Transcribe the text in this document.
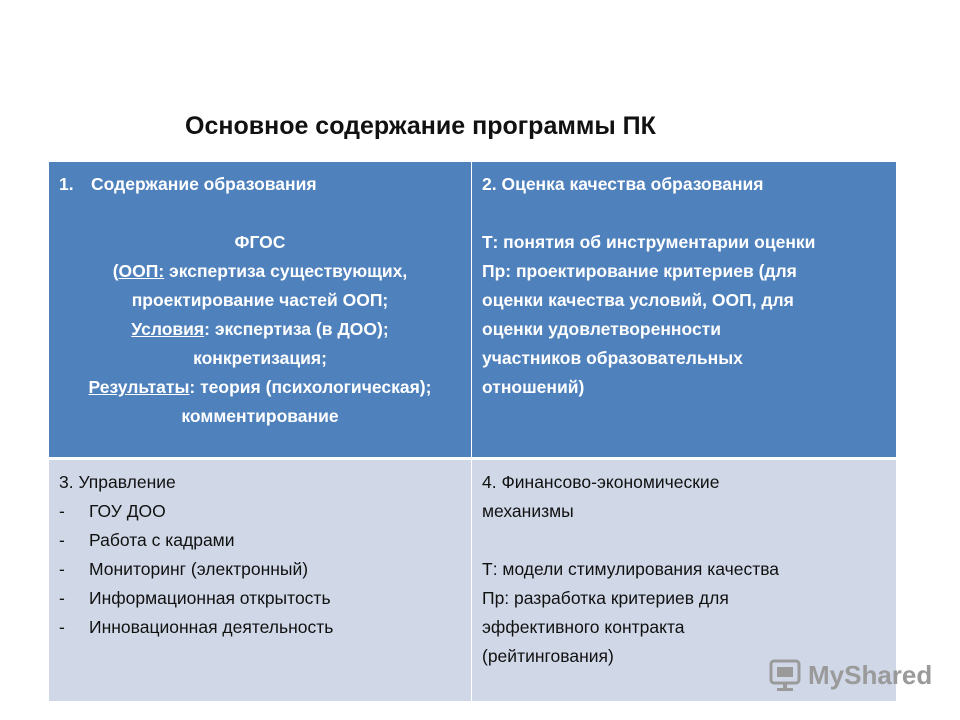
Основное содержание программы ПК
1. Содержание образования
ФГОС
(ООП: экспертиза существующих,
проектирование частей ООП;
Условия: экспертиза (в ДОО);
конкретизация;
Результаты: теория (психологическая);
комментирование
2. Оценка качества образования
Т: понятия об инструментарии оценки
Пр: проектирование критериев (для
оценки качества условий, ООП, для
оценки удовлетворенности
участников образовательных
отношений)
3. Управление
-	ГОУ ДОО
-	Работа с кадрами
-	Мониторинг (электронный)
-	Информационная открытость
-	Инновационная деятельность
4. Финансово-экономические
механизмы
Т: модели стимулирования качества
Пр: разработка критериев для
эффективного контракта
(рейтингования)
MyShared
